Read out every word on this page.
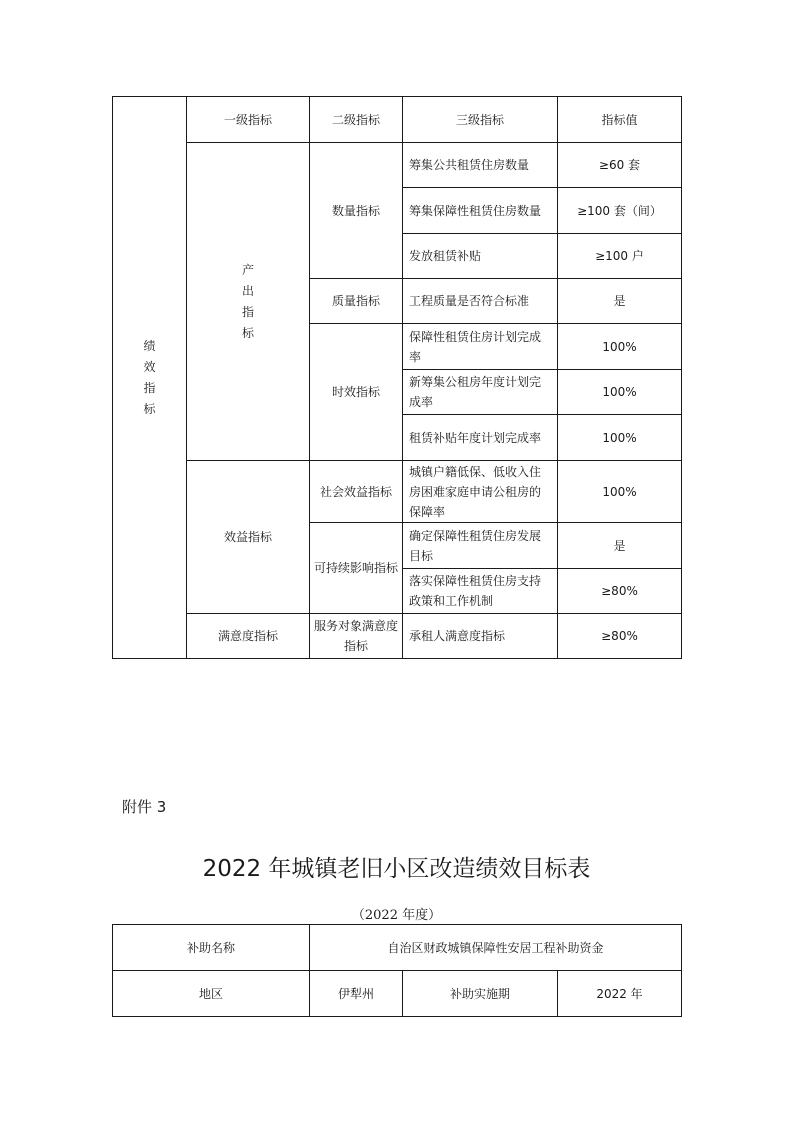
绩效指标	一级指标	二级指标	三级指标	指标值
	产出指标	数量指标	筹集公共租赁住房数量	≥60 套
			筹集保障性租赁住房数量	≥100 套（间）
			发放租赁补贴	≥100 户
		质量指标	工程质量是否符合标准	是
		时效指标	保障性租赁住房计划完成率	100%
			新筹集公租房年度计划完成率	100%
			租赁补贴年度计划完成率	100%
	效益指标	社会效益指标	城镇户籍低保、低收入住房困难家庭申请公租房的保障率	100%
		可持续影响指标	确定保障性租赁住房发展目标	是
			落实保障性租赁住房支持政策和工作机制	≥80%
	满意度指标	服务对象满意度指标	承租人满意度指标	≥80%
附件 3
2022 年城镇老旧小区改造绩效目标表
（2022 年度）
补助名称	自治区财政城镇保障性安居工程补助资金		
地区	伊犁州	补助实施期	2022 年
